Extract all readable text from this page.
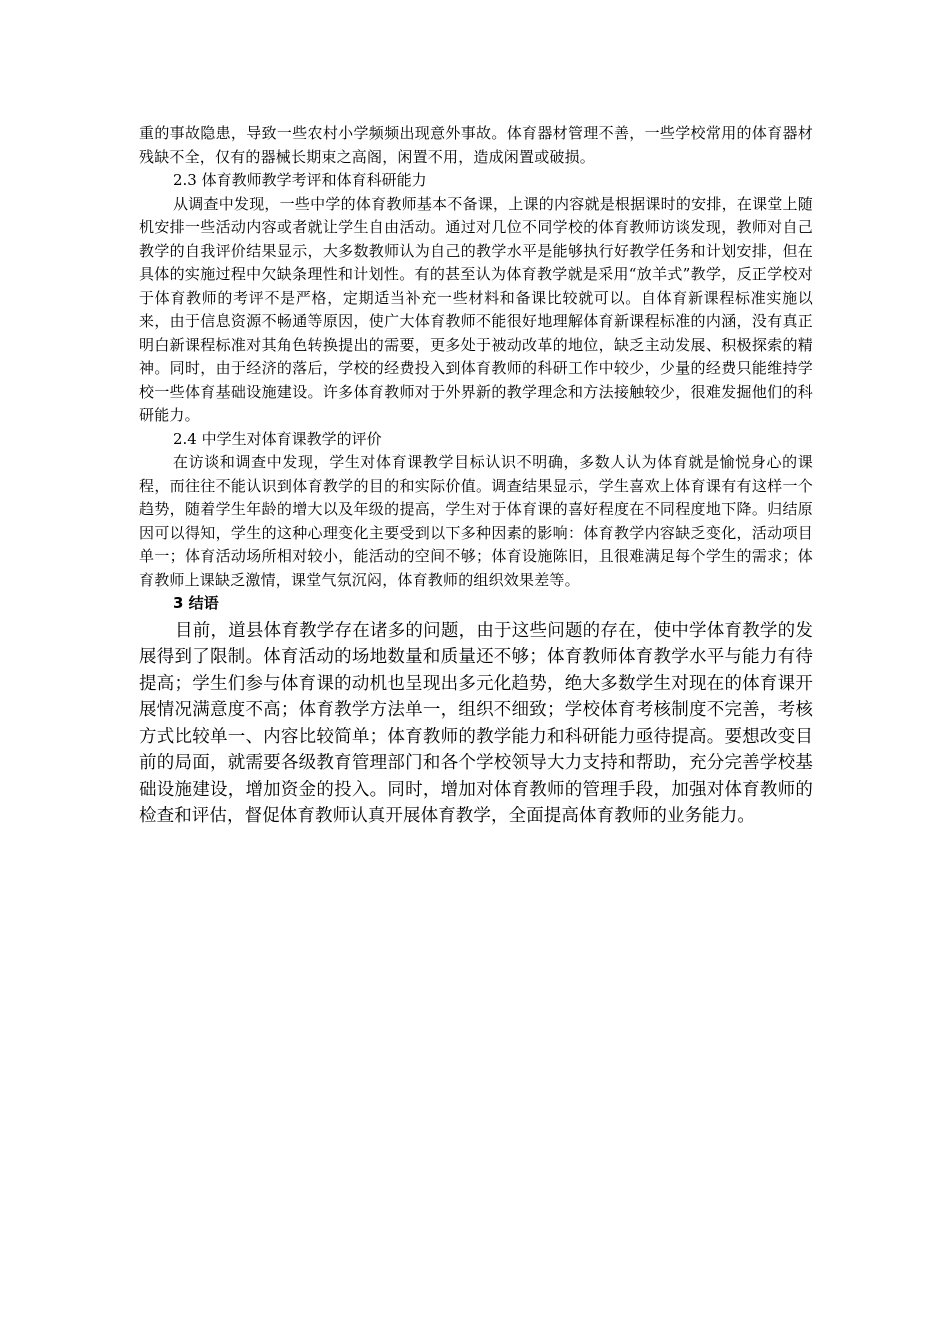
重的事故隐患，导致一些农村小学频频出现意外事故。体育器材管理不善，一些学校常用的体育器材残缺不全，仅有的器械长期束之高阁，闲置不用，造成闲置或破损。

2.3 体育教师教学考评和体育科研能力

从调查中发现，一些中学的体育教师基本不备课，上课的内容就是根据课时的安排，在课堂上随机安排一些活动内容或者就让学生自由活动。通过对几位不同学校的体育教师访谈发现，教师对自己教学的自我评价结果显示，大多数教师认为自己的教学水平是能够执行好教学任务和计划安排，但在具体的实施过程中欠缺条理性和计划性。有的甚至认为体育教学就是采用“放羊式”教学，反正学校对于体育教师的考评不是严格，定期适当补充一些材料和备课比较就可以。自体育新课程标准实施以来，由于信息资源不畅通等原因，使广大体育教师不能很好地理解体育新课程标准的内涵，没有真正明白新课程标准对其角色转换提出的需要，更多处于被动改革的地位，缺乏主动发展、积极探索的精神。同时，由于经济的落后，学校的经费投入到体育教师的科研工作中较少，少量的经费只能维持学校一些体育基础设施建设。许多体育教师对于外界新的教学理念和方法接触较少，很难发掘他们的科研能力。

2.4 中学生对体育课教学的评价

在访谈和调查中发现，学生对体育课教学目标认识不明确，多数人认为体育就是愉悦身心的课程，而往往不能认识到体育教学的目的和实际价值。调查结果显示，学生喜欢上体育课有有这样一个趋势，随着学生年龄的增大以及年级的提高，学生对于体育课的喜好程度在不同程度地下降。归结原因可以得知，学生的这种心理变化主要受到以下多种因素的影响：体育教学内容缺乏变化，活动项目单一；体育活动场所相对较小，能活动的空间不够；体育设施陈旧，且很难满足每个学生的需求；体育教师上课缺乏激情，课堂气氛沉闷，体育教师的组织效果差等。

3 结语

目前，道县体育教学存在诸多的问题，由于这些问题的存在，使中学体育教学的发展得到了限制。体育活动的场地数量和质量还不够；体育教师体育教学水平与能力有待提高；学生们参与体育课的动机也呈现出多元化趋势，绝大多数学生对现在的体育课开展情况满意度不高；体育教学方法单一，组织不细致；学校体育考核制度不完善，考核方式比较单一、内容比较简单；体育教师的教学能力和科研能力亟待提高。要想改变目前的局面，就需要各级教育管理部门和各个学校领导大力支持和帮助，充分完善学校基础设施建设，增加资金的投入。同时，增加对体育教师的管理手段，加强对体育教师的检查和评估，督促体育教师认真开展体育教学，全面提高体育教师的业务能力。
